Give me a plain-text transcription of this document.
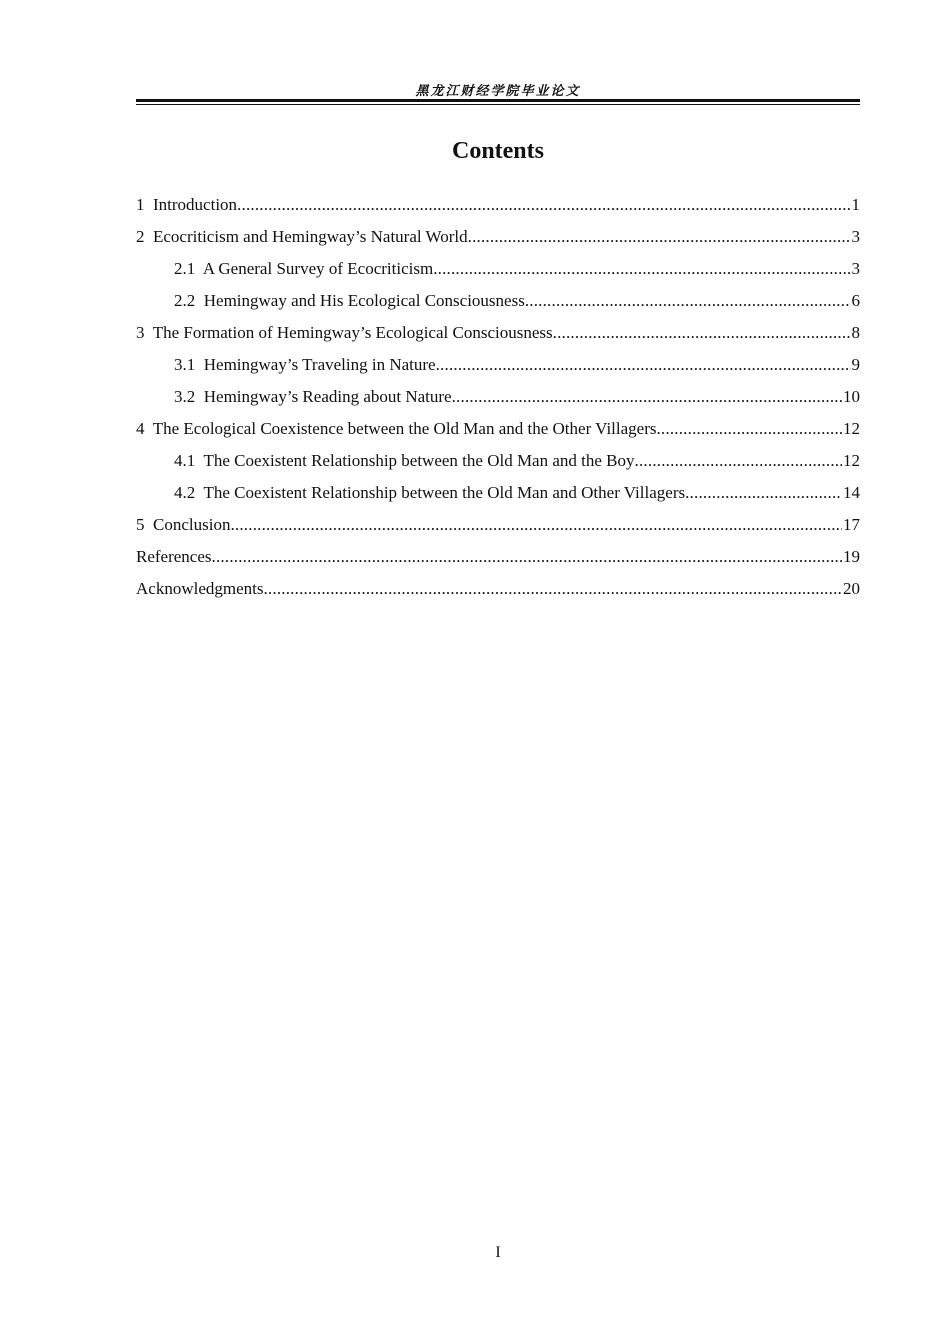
黑龙江财经学院毕业论文
Contents
1 Introduction .....	1
2 Ecocriticism and Hemingway’s Natural World .....	3
2.1 A General Survey of Ecocriticism .....	3
2.2 Hemingway and His Ecological Consciousness .....	6
3 The Formation of Hemingway’s Ecological Consciousness .....	8
3.1 Hemingway’s Traveling in Nature .....	9
3.2 Hemingway’s Reading about Nature .....	10
4 The Ecological Coexistence between the Old Man and the Other Villagers .....	12
4.1 The Coexistent Relationship between the Old Man and the Boy .....	12
4.2 The Coexistent Relationship between the Old Man and Other Villagers .....	14
5 Conclusion .....	17
References .....	19
Acknowledgments .....	20
I
